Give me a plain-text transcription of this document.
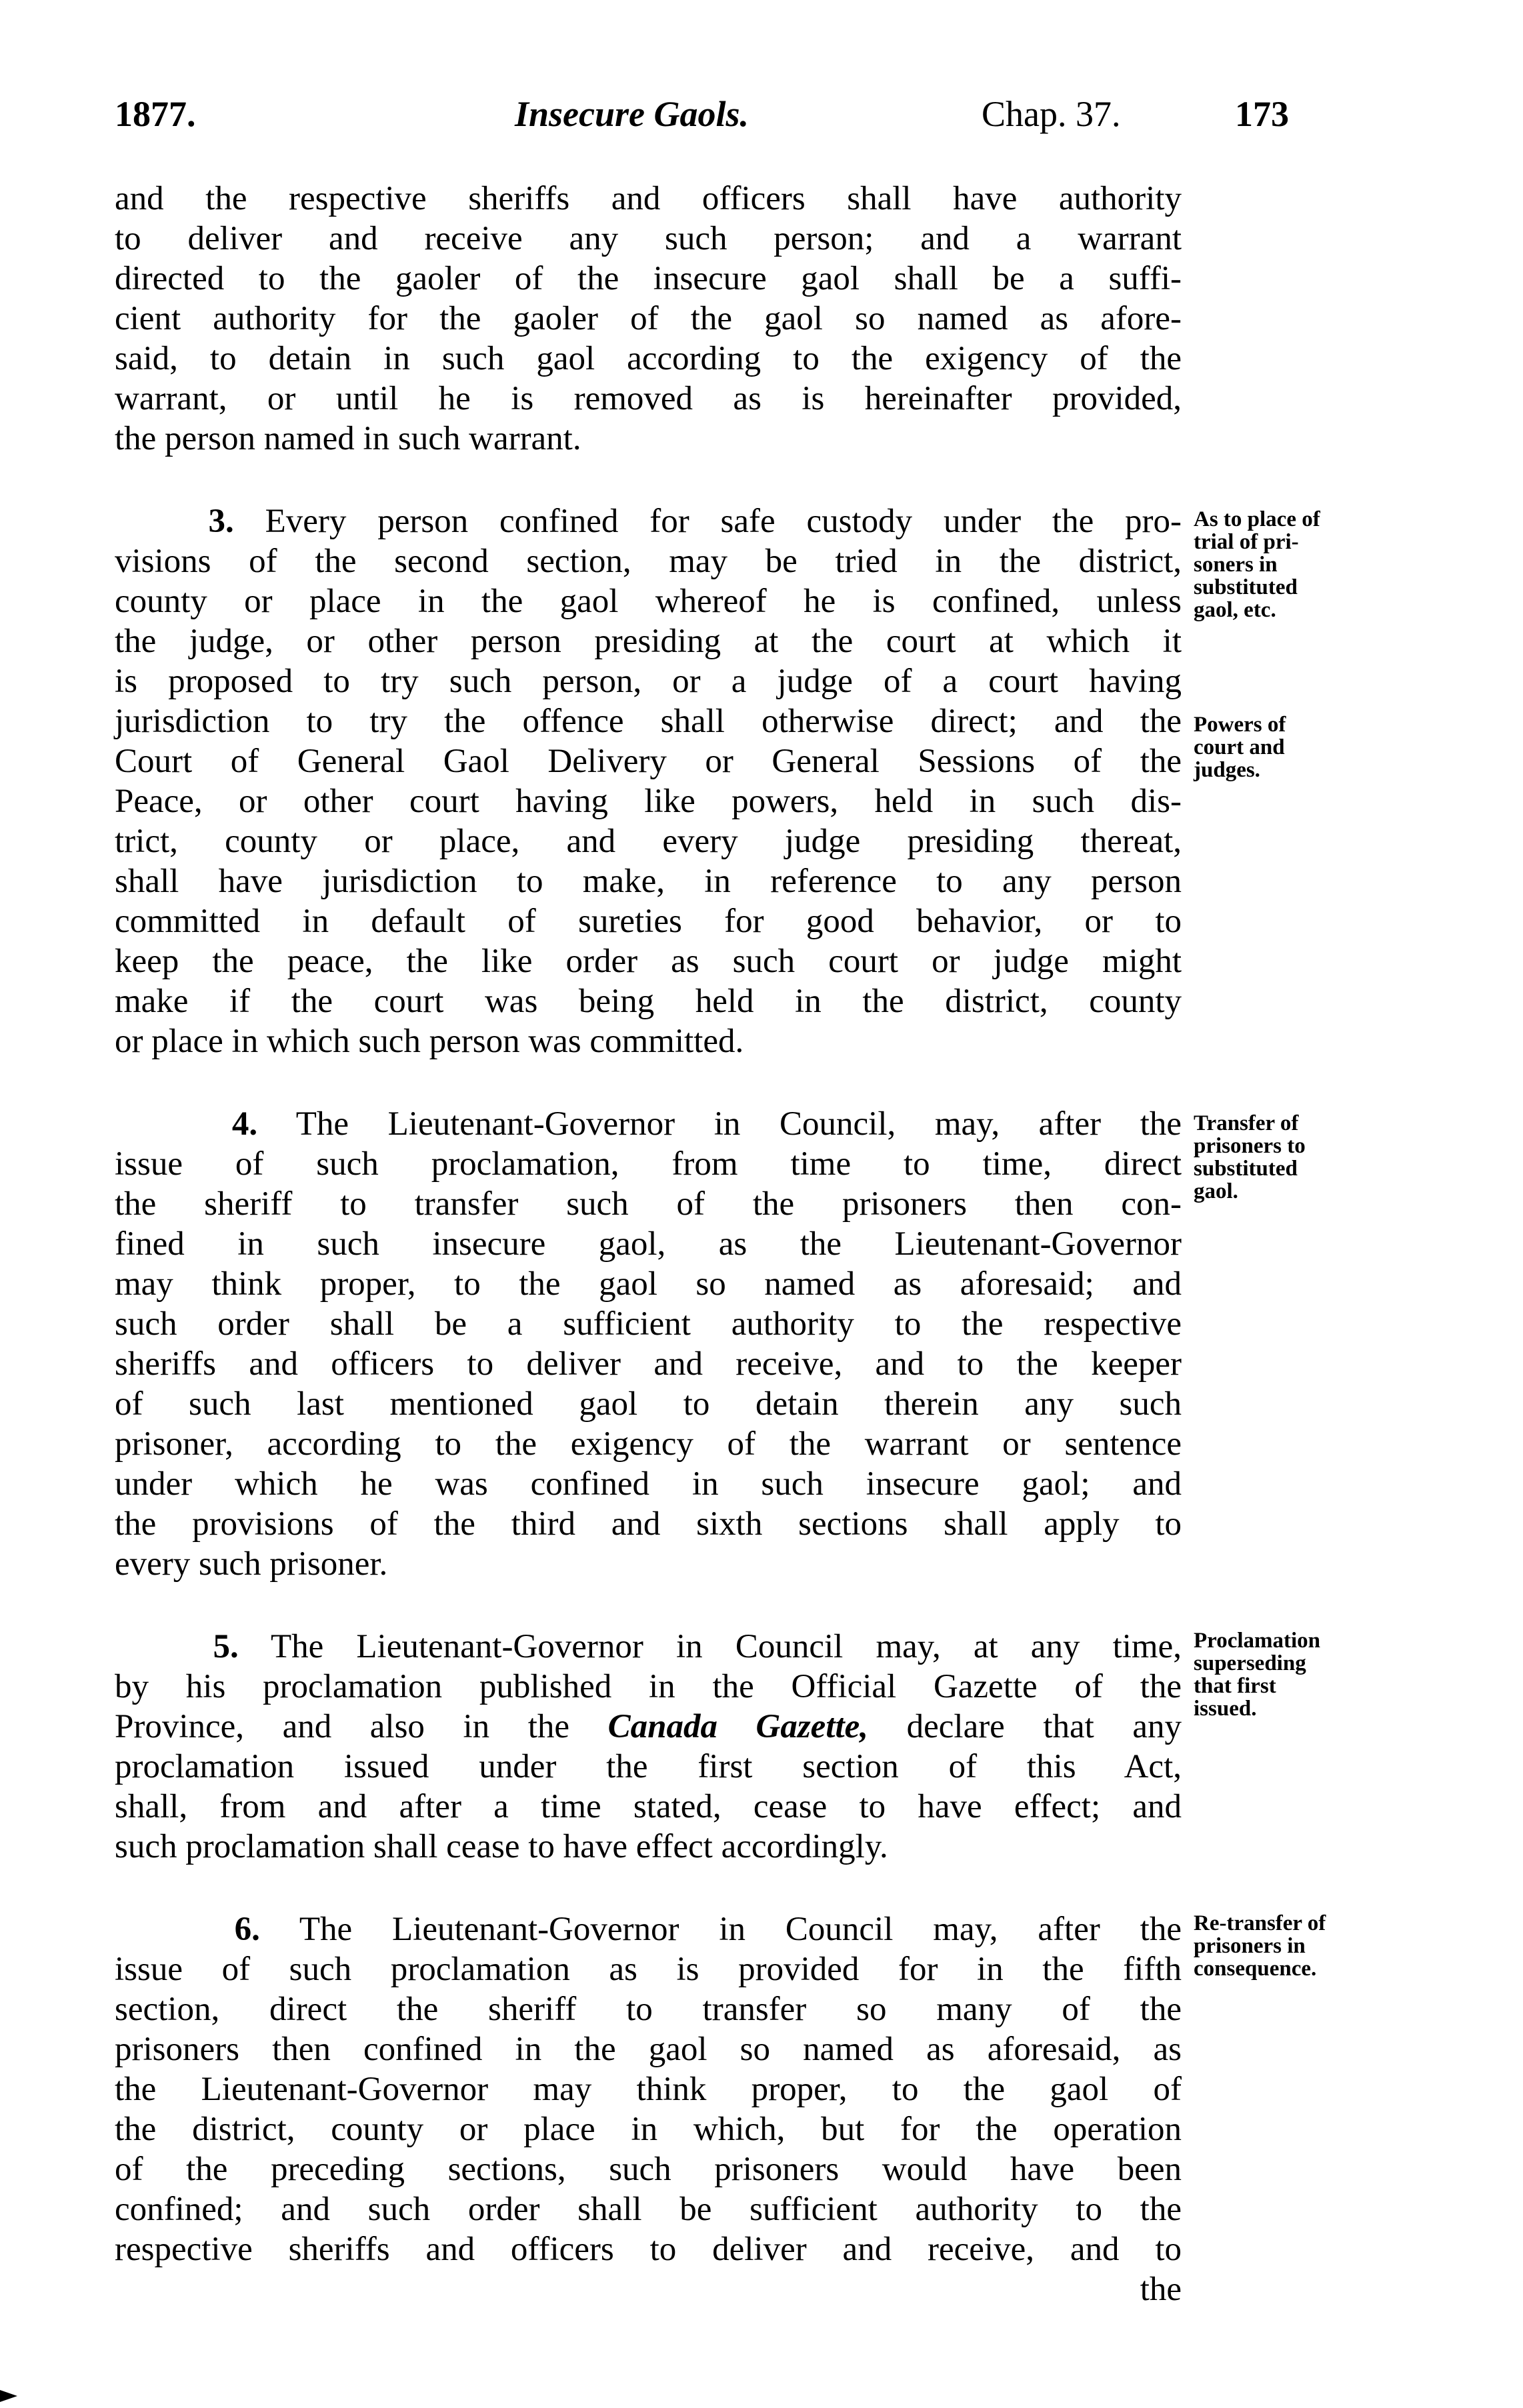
1877.	Insecure Gaols.	Chap. 37.	173
and the respective sheriffs and officers shall have authority
to deliver and receive any such person; and a warrant
directed to the gaoler of the insecure gaol shall be a suffi-
cient authority for the gaoler of the gaol so named as afore-
said, to detain in such gaol according to the exigency of the
warrant, or until he is removed as is hereinafter provided,
the person named in such warrant.
3. Every person confined for safe custody under the pro-
visions of the second section, may be tried in the district,
county or place in the gaol whereof he is confined, unless
the judge, or other person presiding at the court at which it
is proposed to try such person, or a judge of a court having
jurisdiction to try the offence shall otherwise direct; and the
Court of General Gaol Delivery or General Sessions of the
Peace, or other court having like powers, held in such dis-
trict, county or place, and every judge presiding thereat,
shall have jurisdiction to make, in reference to any person
committed in default of sureties for good behavior, or to
keep the peace, the like order as such court or judge might
make if the court was being held in the district, county
or place in which such person was committed.
4. The Lieutenant-Governor in Council, may, after the
issue of such proclamation, from time to time, direct
the sheriff to transfer such of the prisoners then con-
fined in such insecure gaol, as the Lieutenant-Governor
may think proper, to the gaol so named as aforesaid; and
such order shall be a sufficient authority to the respective
sheriffs and officers to deliver and receive, and to the keeper
of such last mentioned gaol to detain therein any such
prisoner, according to the exigency of the warrant or sentence
under which he was confined in such insecure gaol; and
the provisions of the third and sixth sections shall apply to
every such prisoner.
5. The Lieutenant-Governor in Council may, at any time,
by his proclamation published in the Official Gazette of the
Province, and also in the Canada Gazette, declare that any
proclamation issued under the first section of this Act,
shall, from and after a time stated, cease to have effect; and
such proclamation shall cease to have effect accordingly.
6. The Lieutenant-Governor in Council may, after the
issue of such proclamation as is provided for in the fifth
section, direct the sheriff to transfer so many of the
prisoners then confined in the gaol so named as aforesaid, as
the Lieutenant-Governor may think proper, to the gaol of
the district, county or place in which, but for the operation
of the preceding sections, such prisoners would have been
confined; and such order shall be sufficient authority to the
respective sheriffs and officers to deliver and receive, and to
the
As to place of
trial of pri-
soners in
substituted
gaol, etc.
Powers of
court and
judges.
Transfer of
prisoners to
substituted
gaol.
Proclamation
superseding
that first
issued.
Re-transfer of
prisoners in
consequence.
